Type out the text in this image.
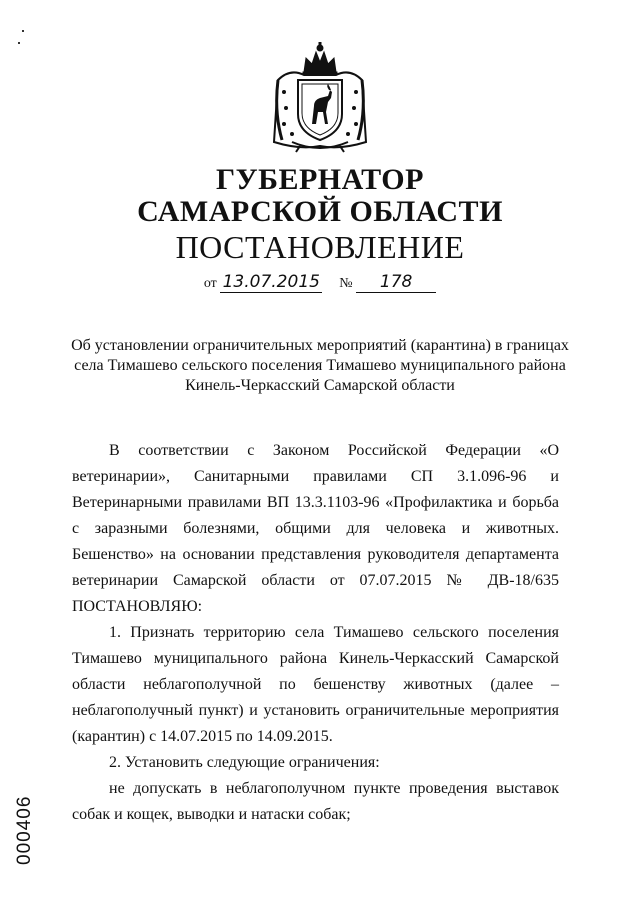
ГУБЕРНАТОР
САМАРСКОЙ ОБЛАСТИ
ПОСТАНОВЛЕНИЕ
от 13.07.2015 № 178
Об установлении ограничительных мероприятий (карантина) в границах
села Тимашево сельского поселения Тимашево муниципального района
Кинель-Черкасский Самарской области

В соответствии с Законом Российской Федерации «О ветеринарии», Санитарными правилами СП 3.1.096-96 и Ветеринарными правилами ВП 13.3.1103-96 «Профилактика и борьба с заразными болезнями, общими для человека и животных. Бешенство» на основании представления руководителя департамента ветеринарии Самарской области от 07.07.2015 № ДВ-18/635 ПОСТАНОВЛЯЮ:

1. Признать территорию села Тимашево сельского поселения Тимашево муниципального района Кинель-Черкасский Самарской области неблагополучной по бешенству животных (далее – неблагополучный пункт) и установить ограничительные мероприятия (карантин) с 14.07.2015 по 14.09.2015.

2. Установить следующие ограничения:

не допускать в неблагополучном пункте проведения выставок собак и кощек, выводки и натаски собак;

000406
